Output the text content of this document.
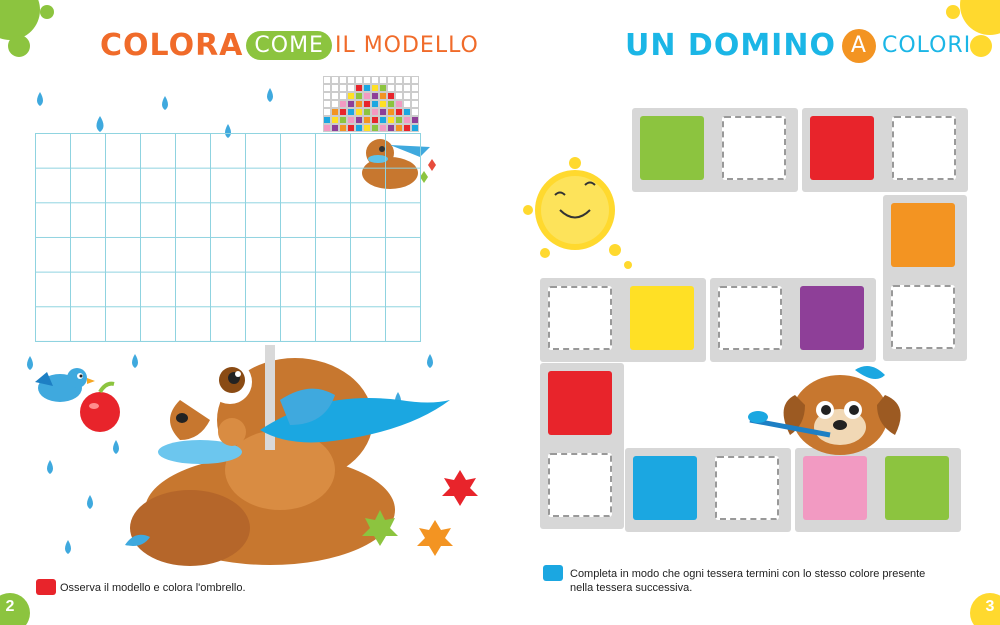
COLORA COME IL MODELLO
Osserva il modello e colora l'ombrello.
2
UN DOMINO A COLORI
Completa in modo che ogni tessera termini con lo stesso colore presente
nella tessera successiva.
3
